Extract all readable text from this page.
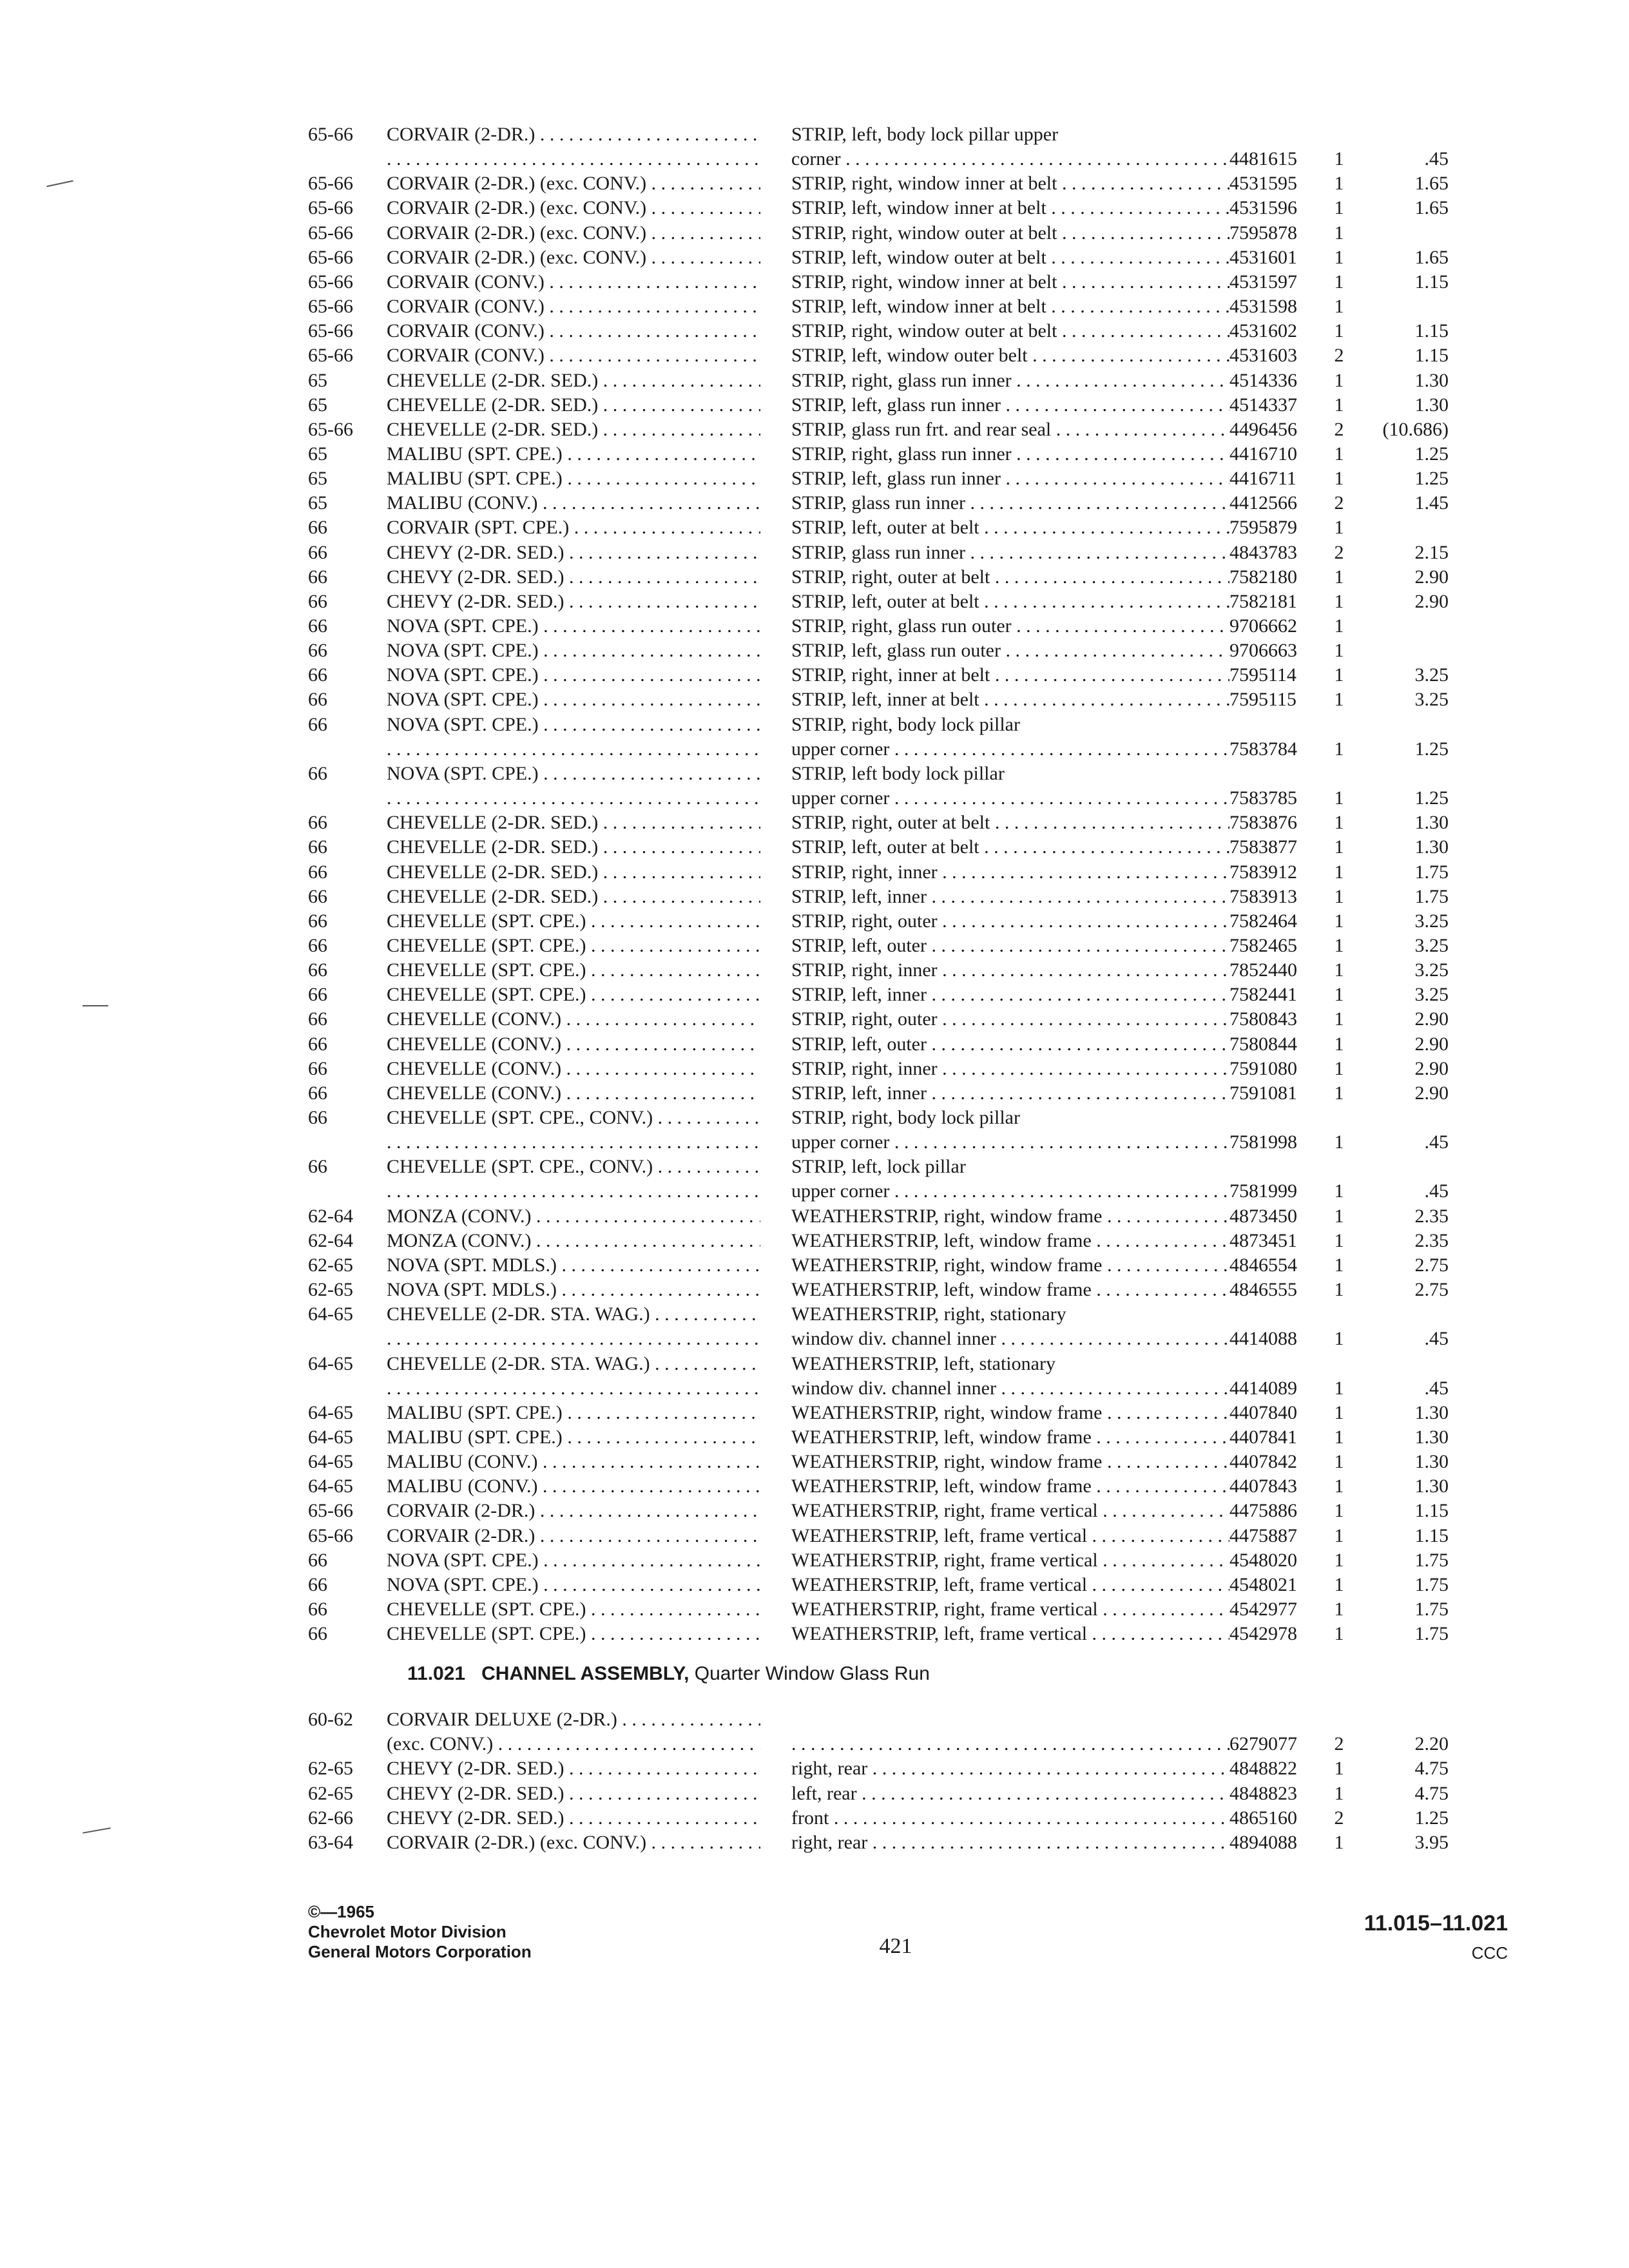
65-66	CORVAIR (2-DR.) . . .	STRIP, left, body lock pillar upper
. . .
corner . . .	4481615	1	.45
65-66	CORVAIR (2-DR.) (exc. CONV.) . . .	STRIP, right, window inner at belt . . .	4531595	1	1.65
65-66	CORVAIR (2-DR.) (exc. CONV.) . . .	STRIP, left, window inner at belt . . .	4531596	1	1.65
65-66	CORVAIR (2-DR.) (exc. CONV.) . . .	STRIP, right, window outer at belt . . .	7595878	1
65-66	CORVAIR (2-DR.) (exc. CONV.) . . .	STRIP, left, window outer at belt . . .	4531601	1	1.65
65-66	CORVAIR (CONV.) . . .	STRIP, right, window inner at belt . . .	4531597	1	1.15
65-66	CORVAIR (CONV.) . . .	STRIP, left, window inner at belt . . .	4531598	1
65-66	CORVAIR (CONV.) . . .	STRIP, right, window outer at belt . . .	4531602	1	1.15
65-66	CORVAIR (CONV.) . . .	STRIP, left, window outer belt . . .	4531603	2	1.15
65	CHEVELLE (2-DR. SED.) . . .	STRIP, right, glass run inner . . .	4514336	1	1.30
65	CHEVELLE (2-DR. SED.) . . .	STRIP, left, glass run inner . . .	4514337	1	1.30
65-66	CHEVELLE (2-DR. SED.) . . .	STRIP, glass run frt. and rear seal . . .	4496456	2	(10.686)
65	MALIBU (SPT. CPE.) . . .	STRIP, right, glass run inner . . .	4416710	1	1.25
65	MALIBU (SPT. CPE.) . . .	STRIP, left, glass run inner . . .	4416711	1	1.25
65	MALIBU (CONV.) . . .	STRIP, glass run inner . . .	4412566	2	1.45
66	CORVAIR (SPT. CPE.) . . .	STRIP, left, outer at belt . . .	7595879	1
66	CHEVY (2-DR. SED.) . . .	STRIP, glass run inner . . .	4843783	2	2.15
66	CHEVY (2-DR. SED.) . . .	STRIP, right, outer at belt . . .	7582180	1	2.90
66	CHEVY (2-DR. SED.) . . .	STRIP, left, outer at belt . . .	7582181	1	2.90
66	NOVA (SPT. CPE.) . . .	STRIP, right, glass run outer . . .	9706662	1
66	NOVA (SPT. CPE.) . . .	STRIP, left, glass run outer . . .	9706663	1
66	NOVA (SPT. CPE.) . . .	STRIP, right, inner at belt . . .	7595114	1	3.25
66	NOVA (SPT. CPE.) . . .	STRIP, left, inner at belt . . .	7595115	1	3.25
66	NOVA (SPT. CPE.) . . .	STRIP, right, body lock pillar
. . .
upper corner . . .	7583784	1	1.25
66	NOVA (SPT. CPE.) . . .	STRIP, left body lock pillar
. . .
upper corner . . .	7583785	1	1.25
66	CHEVELLE (2-DR. SED.) . . .	STRIP, right, outer at belt . . .	7583876	1	1.30
66	CHEVELLE (2-DR. SED.) . . .	STRIP, left, outer at belt . . .	7583877	1	1.30
66	CHEVELLE (2-DR. SED.) . . .	STRIP, right, inner . . .	7583912	1	1.75
66	CHEVELLE (2-DR. SED.) . . .	STRIP, left, inner . . .	7583913	1	1.75
66	CHEVELLE (SPT. CPE.) . . .	STRIP, right, outer . . .	7582464	1	3.25
66	CHEVELLE (SPT. CPE.) . . .	STRIP, left, outer . . .	7582465	1	3.25
66	CHEVELLE (SPT. CPE.) . . .	STRIP, right, inner . . .	7852440	1	3.25
66	CHEVELLE (SPT. CPE.) . . .	STRIP, left, inner . . .	7582441	1	3.25
66	CHEVELLE (CONV.) . . .	STRIP, right, outer . . .	7580843	1	2.90
66	CHEVELLE (CONV.) . . .	STRIP, left, outer . . .	7580844	1	2.90
66	CHEVELLE (CONV.) . . .	STRIP, right, inner . . .	7591080	1	2.90
66	CHEVELLE (CONV.) . . .	STRIP, left, inner . . .	7591081	1	2.90
66	CHEVELLE (SPT. CPE., CONV.) . . .	STRIP, right, body lock pillar
. . .
upper corner . . .	7581998	1	.45
66	CHEVELLE (SPT. CPE., CONV.) . . .	STRIP, left, lock pillar
. . .
upper corner . . .	7581999	1	.45
62-64	MONZA (CONV.) . . .	WEATHERSTRIP, right, window frame . . .	4873450	1	2.35
62-64	MONZA (CONV.) . . .	WEATHERSTRIP, left, window frame . . .	4873451	1	2.35
62-65	NOVA (SPT. MDLS.) . . .	WEATHERSTRIP, right, window frame . . .	4846554	1	2.75
62-65	NOVA (SPT. MDLS.) . . .	WEATHERSTRIP, left, window frame . . .	4846555	1	2.75
64-65	CHEVELLE (2-DR. STA. WAG.) . . .	WEATHERSTRIP, right, stationary
. . .
window div. channel inner . . .	4414088	1	.45
64-65	CHEVELLE (2-DR. STA. WAG.) . . .	WEATHERSTRIP, left, stationary
. . .
window div. channel inner . . .	4414089	1	.45
64-65	MALIBU (SPT. CPE.) . . .	WEATHERSTRIP, right, window frame . . .	4407840	1	1.30
64-65	MALIBU (SPT. CPE.) . . .	WEATHERSTRIP, left, window frame . . .	4407841	1	1.30
64-65	MALIBU (CONV.) . . .	WEATHERSTRIP, right, window frame . . .	4407842	1	1.30
64-65	MALIBU (CONV.) . . .	WEATHERSTRIP, left, window frame . . .	4407843	1	1.30
65-66	CORVAIR (2-DR.) . . .	WEATHERSTRIP, right, frame vertical . . .	4475886	1	1.15
65-66	CORVAIR (2-DR.) . . .	WEATHERSTRIP, left, frame vertical . . .	4475887	1	1.15
66	NOVA (SPT. CPE.) . . .	WEATHERSTRIP, right, frame vertical . . .	4548020	1	1.75
66	NOVA (SPT. CPE.) . . .	WEATHERSTRIP, left, frame vertical . . .	4548021	1	1.75
66	CHEVELLE (SPT. CPE.) . . .	WEATHERSTRIP, right, frame vertical . . .	4542977	1	1.75
66	CHEVELLE (SPT. CPE.) . . .	WEATHERSTRIP, left, frame vertical . . .	4542978	1	1.75
11.021 CHANNEL ASSEMBLY, Quarter Window Glass Run
60-62	CORVAIR DELUXE (2-DR.) . . .
(exc. CONV.) . . . . . .	6279077	2	2.20
62-65	CHEVY (2-DR. SED.) . . .	right, rear . . .	4848822	1	4.75
62-65	CHEVY (2-DR. SED.) . . .	left, rear . . .	4848823	1	4.75
62-66	CHEVY (2-DR. SED.) . . .	front . . .	4865160	2	1.25
63-64	CORVAIR (2-DR.) (exc. CONV.) . . .	right, rear . . .	4894088	1	3.95
©—1965
Chevrolet Motor Division
General Motors Corporation	421
11.015–11.021
CCC
